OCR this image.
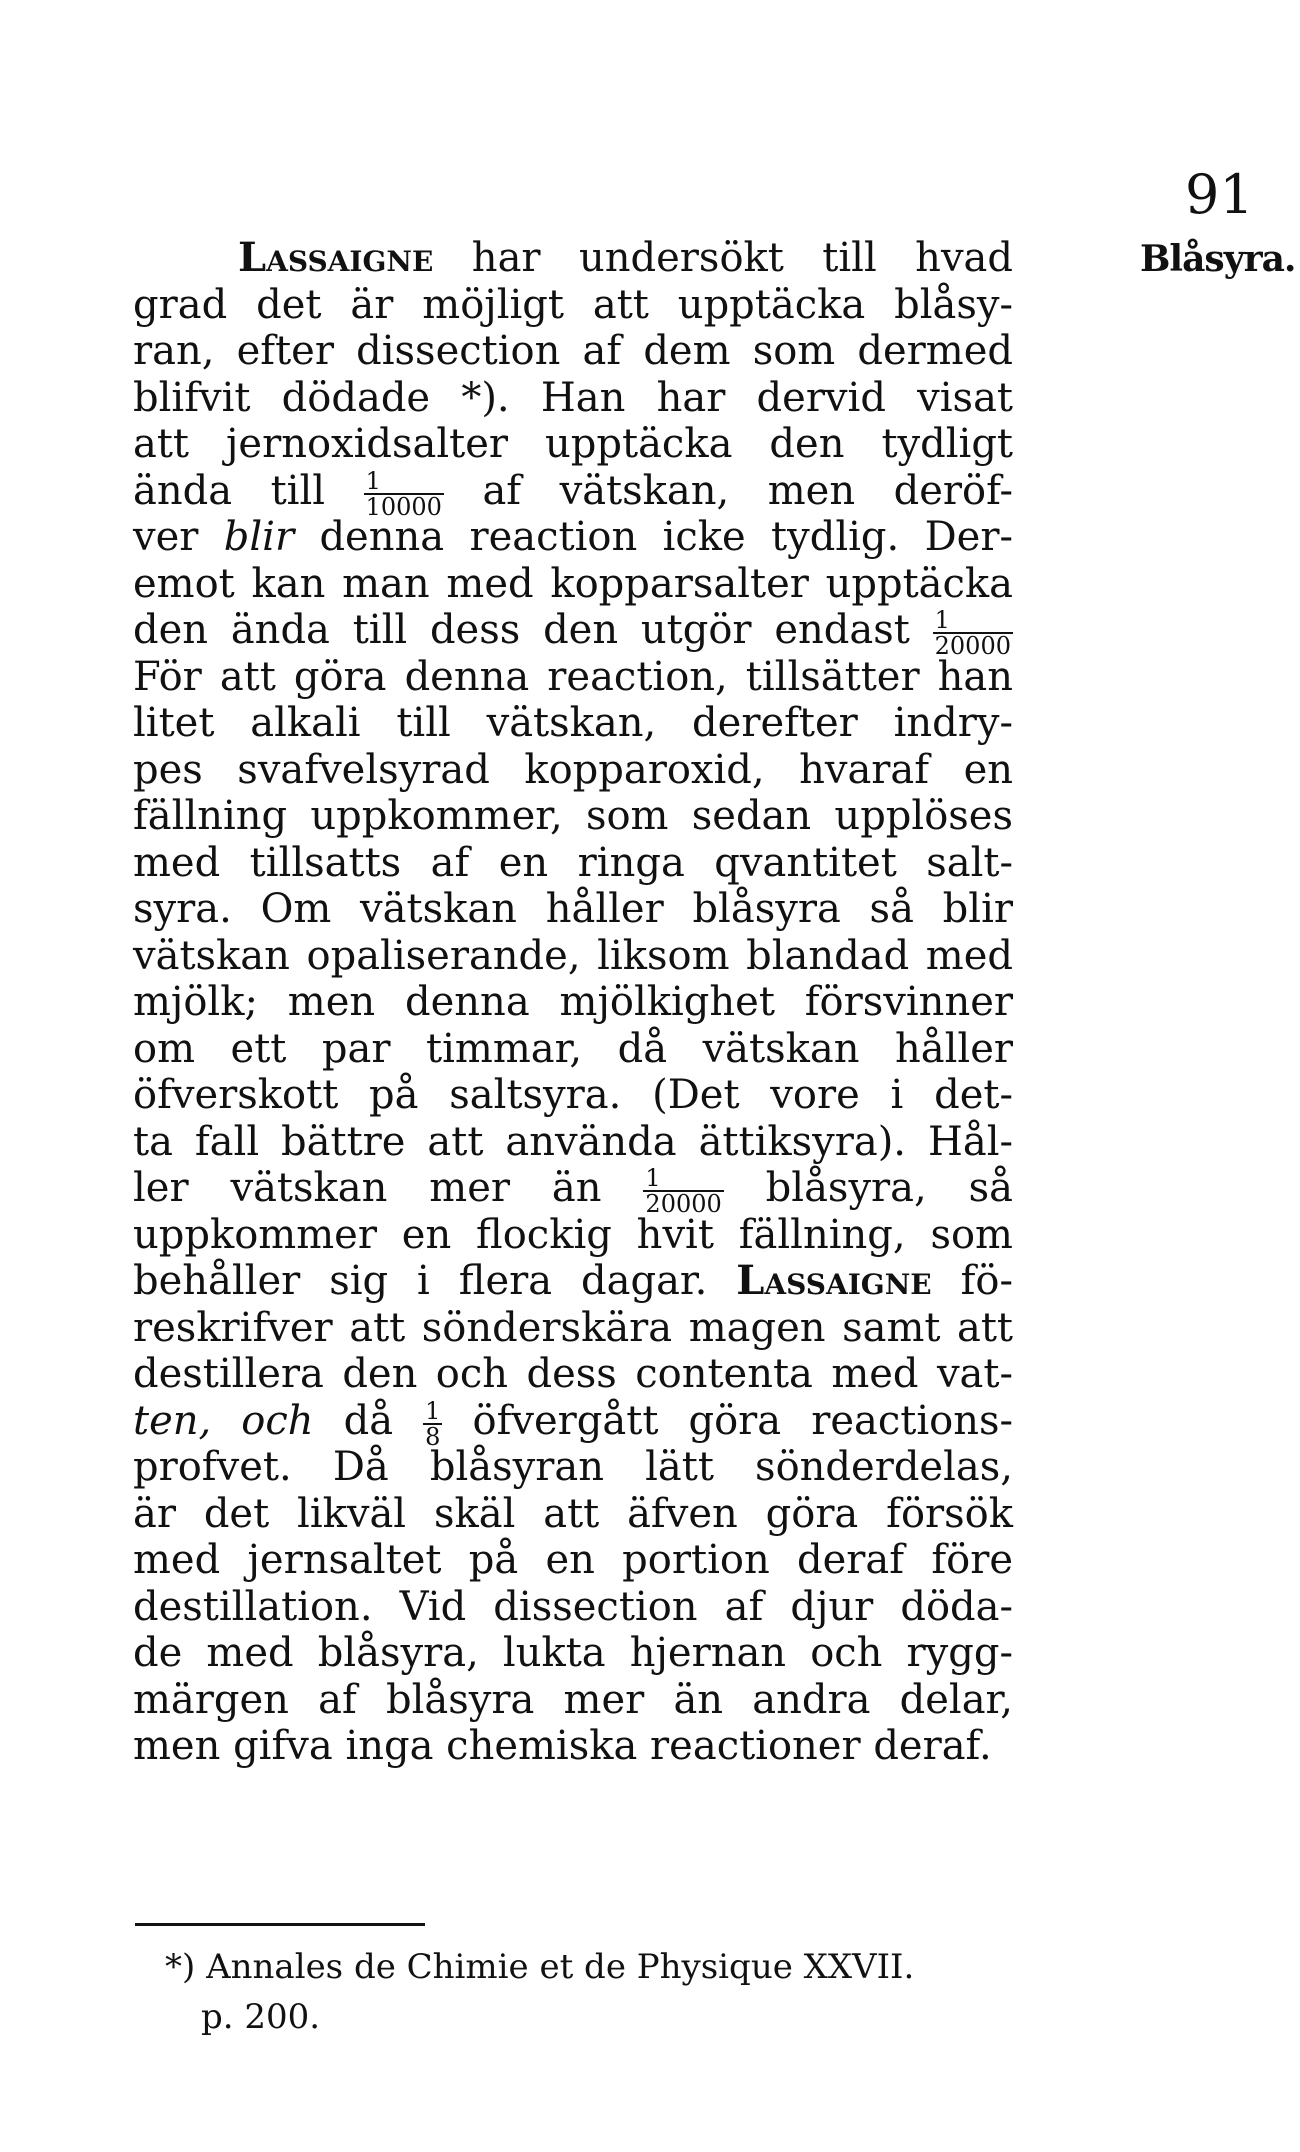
91
Blåsyra.
Lassaigne har undersökt till hvad
grad det är möjligt att upptäcka blåsy-
ran, efter dissection af dem som dermed
blifvit dödade *). Han har dervid visat
att jernoxidsalter upptäcka den tydligt
ända till $\frac{1}{10000}$ af vätskan, men deröf-
ver blir denna reaction icke tydlig. Der-
emot kan man med kopparsalter upptäcka
den ända till dess den utgör endast $\frac{1}{20000}$
För att göra denna reaction, tillsätter han
litet alkali till vätskan, derefter indry-
pes svafvelsyrad kopparoxid, hvaraf en
fällning uppkommer, som sedan upplöses
med tillsatts af en ringa qvantitet salt-
syra. Om vätskan håller blåsyra så blir
vätskan opaliserande, liksom blandad med
mjölk; men denna mjölkighet försvinner
om ett par timmar, då vätskan håller
öfverskott på saltsyra. (Det vore i det-
ta fall bättre att använda ättiksyra). Hål-
ler vätskan mer än $\frac{1}{20000}$ blåsyra, så
uppkommer en flockig hvit fällning, som
behåller sig i flera dagar. Lassaigne fö-
reskrifver att sönderskära magen samt att
destillera den och dess contenta med vat-
ten, och då $\frac{1}{8}$ öfvergått göra reactions-
profvet. Då blåsyran lätt sönderdelas,
är det likväl skäl att äfven göra försök
med jernsaltet på en portion deraf före
destillation. Vid dissection af djur döda-
de med blåsyra, lukta hjernan och rygg-
märgen af blåsyra mer än andra delar,
men gifva inga chemiska reactioner deraf.
*) Annales de Chimie et de Physique XXVII.
p. 200.
